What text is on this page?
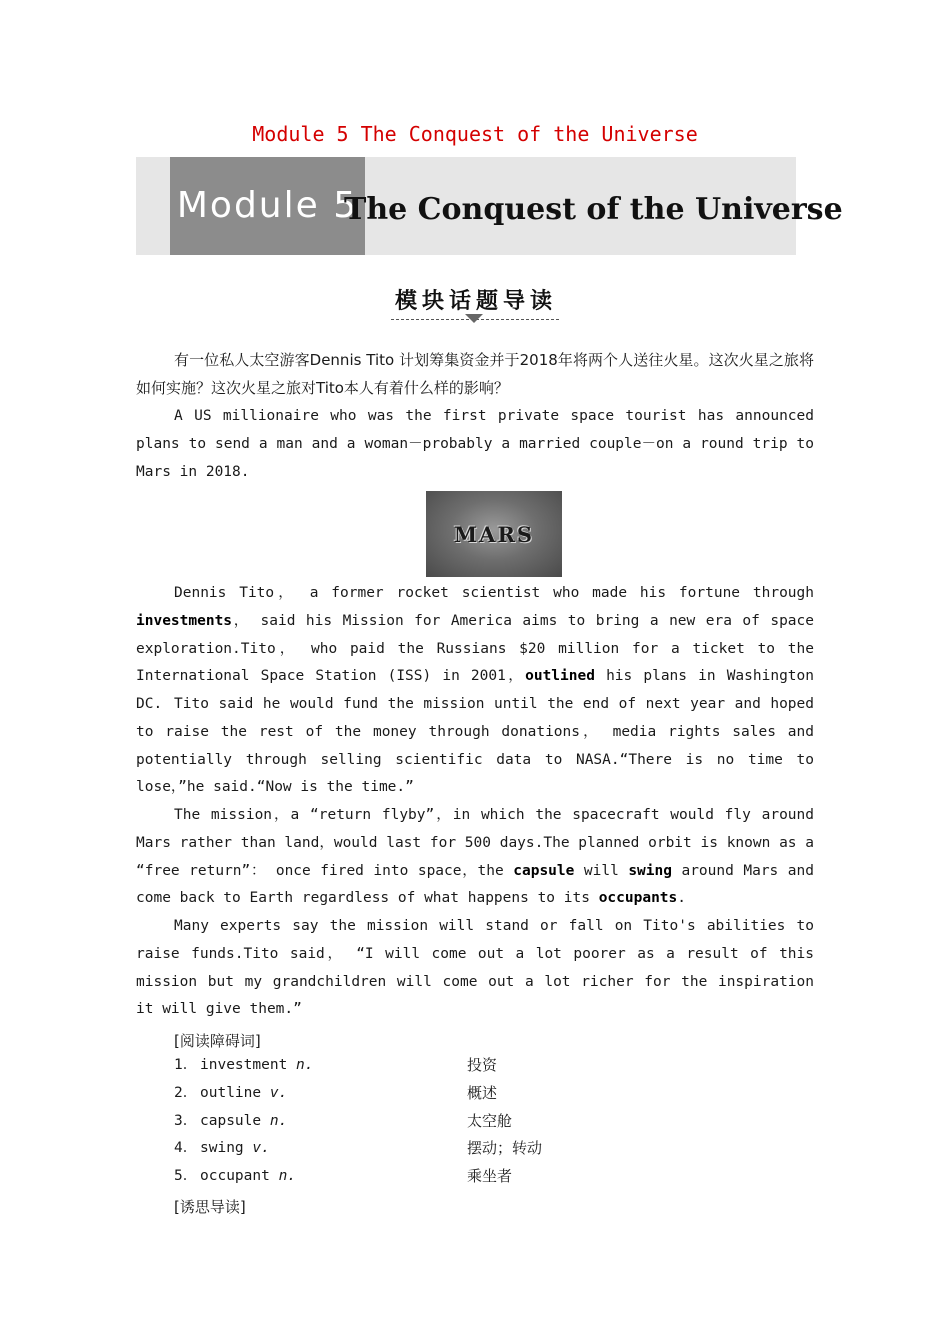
Module 5 The Conquest of the Universe
Module 5
The Conquest of the Universe
模块话题导读

有一位私人太空游客Dennis Tito 计划筹集资金并于2018年将两个人送往火星。这次火星之旅将如何实施？这次火星之旅对Tito本人有着什么样的影响？

A US millionaire who was the first private space tourist has announced plans to send a man and a woman－probably a married couple－on a round trip to Mars in 2018.

MARS

Dennis Tito， a former rocket scientist who made his fortune through investments， said his Mission for America aims to bring a new era of space exploration.Tito， who paid the Russians $20 million for a ticket to the International Space Station (ISS) in 2001，outlined his plans in Washington DC. Tito said he would fund the mission until the end of next year and hoped to raise the rest of the money through donations， media rights sales and potentially through selling scientific data to NASA.“There is no time to lose，”he said.“Now is the time.”

The mission，a “return flyby”，in which the spacecraft would fly around Mars rather than land，would last for 500 days.The planned orbit is known as a “free return”： once fired into space，the capsule will swing around Mars and come back to Earth regardless of what happens to its occupants.

Many experts say the mission will stand or fall on Tito's abilities to raise funds.Tito said， “I will come out a lot poorer as a result of this mission but my grandchildren will come out a lot richer for the inspiration it will give them.”

[阅读障碍词]
1． investment n.	投资
2． outline v.	概述
3． capsule n.	太空舱
4． swing v.	摆动；转动
5． occupant n.	乘坐者
[诱思导读]
